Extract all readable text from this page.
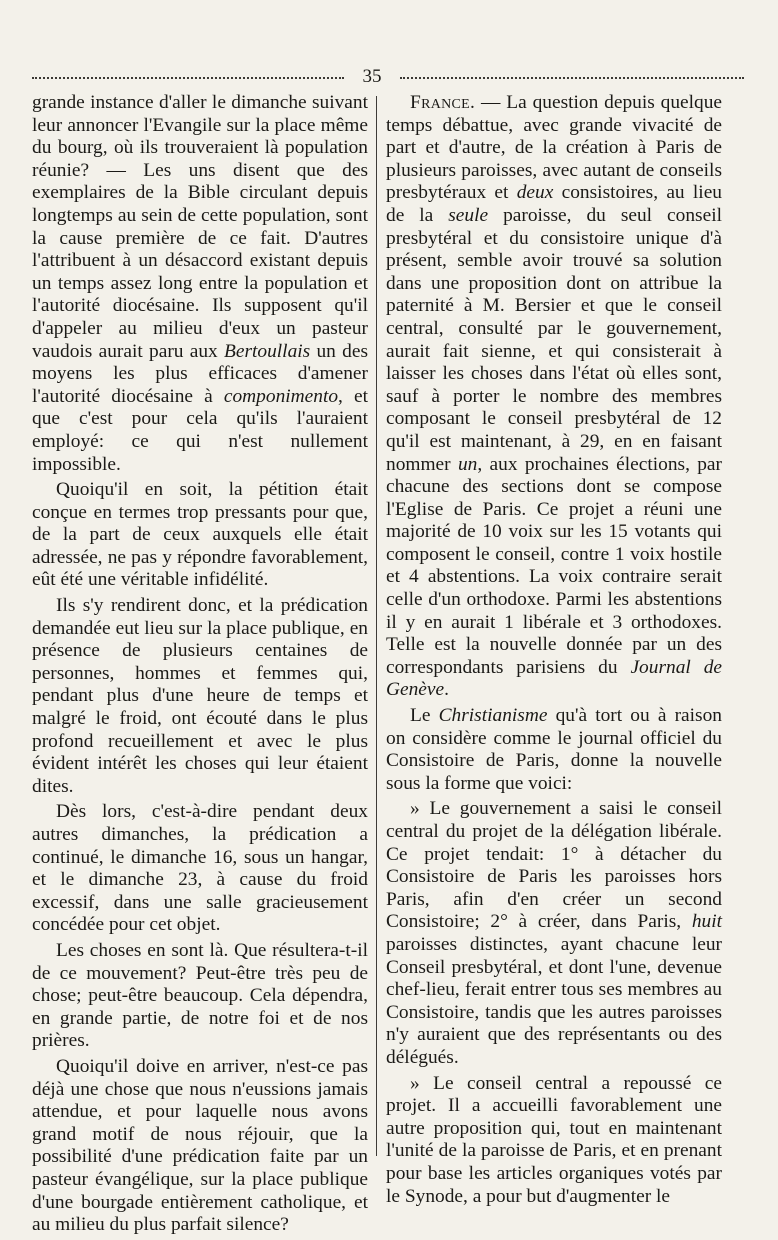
35

grande instance d'aller le dimanche suivant leur annoncer l'Evangile sur la place même du bourg, où ils trouveraient là population réunie? — Les uns disent que des exemplaires de la Bible circulant depuis longtemps au sein de cette population, sont la cause première de ce fait. D'autres l'attribuent à un désaccord existant depuis un temps assez long entre la population et l'autorité diocésaine. Ils supposent qu'il d'appeler au milieu d'eux un pasteur vaudois aurait paru aux Bertoullais un des moyens les plus efficaces d'amener l'autorité diocésaine à componimento, et que c'est pour cela qu'ils l'auraient employé: ce qui n'est nullement impossible.

Quoiqu'il en soit, la pétition était conçue en termes trop pressants pour que, de la part de ceux auxquels elle était adressée, ne pas y répondre favorablement, eût été une véritable infidélité.

Ils s'y rendirent donc, et la prédication demandée eut lieu sur la place publique, en présence de plusieurs centaines de personnes, hommes et femmes qui, pendant plus d'une heure de temps et malgré le froid, ont écouté dans le plus profond recueillement et avec le plus évident intérêt les choses qui leur étaient dites.

Dès lors, c'est-à-dire pendant deux autres dimanches, la prédication a continué, le dimanche 16, sous un hangar, et le dimanche 23, à cause du froid excessif, dans une salle gracieusement concédée pour cet objet.

Les choses en sont là. Que résultera-t-il de ce mouvement? Peut-être très peu de chose; peut-être beaucoup. Cela dépendra, en grande partie, de notre foi et de nos prières.

Quoiqu'il doive en arriver, n'est-ce pas déjà une chose que nous n'eussions jamais attendue, et pour laquelle nous avons grand motif de nous réjouir, que la possibilité d'une prédication faite par un pasteur évangélique, sur la place publique d'une bourgade entièrement catholique, et au milieu du plus parfait silence?

France. — La question depuis quelque temps débattue, avec grande vivacité de part et d'autre, de la création à Paris de plusieurs paroisses, avec autant de conseils presbytéraux et deux consistoires, au lieu de la seule paroisse, du seul conseil presbytéral et du consistoire unique d'à présent, semble avoir trouvé sa solution dans une proposition dont on attribue la paternité à M. Bersier et que le conseil central, consulté par le gouvernement, aurait fait sienne, et qui consisterait à laisser les choses dans l'état où elles sont, sauf à porter le nombre des membres composant le conseil presbytéral de 12 qu'il est maintenant, à 29, en en faisant nommer un, aux prochaines élections, par chacune des sections dont se compose l'Eglise de Paris. Ce projet a réuni une majorité de 10 voix sur les 15 votants qui composent le conseil, contre 1 voix hostile et 4 abstentions. La voix contraire serait celle d'un orthodoxe. Parmi les abstentions il y en aurait 1 libérale et 3 orthodoxes. Telle est la nouvelle donnée par un des correspondants parisiens du Journal de Genève.

Le Christianisme qu'à tort ou à raison on considère comme le journal officiel du Consistoire de Paris, donne la nouvelle sous la forme que voici:

» Le gouvernement a saisi le conseil central du projet de la délégation libérale. Ce projet tendait: 1° à détacher du Consistoire de Paris les paroisses hors Paris, afin d'en créer un second Consistoire; 2° à créer, dans Paris, huit paroisses distinctes, ayant chacune leur Conseil presbytéral, et dont l'une, devenue chef-lieu, ferait entrer tous ses membres au Consistoire, tandis que les autres paroisses n'y auraient que des représentants ou des délégués.

» Le conseil central a repoussé ce projet. Il a accueilli favorablement une autre proposition qui, tout en maintenant l'unité de la paroisse de Paris, et en prenant pour base les articles organiques votés par le Synode, a pour but d'augmenter le
